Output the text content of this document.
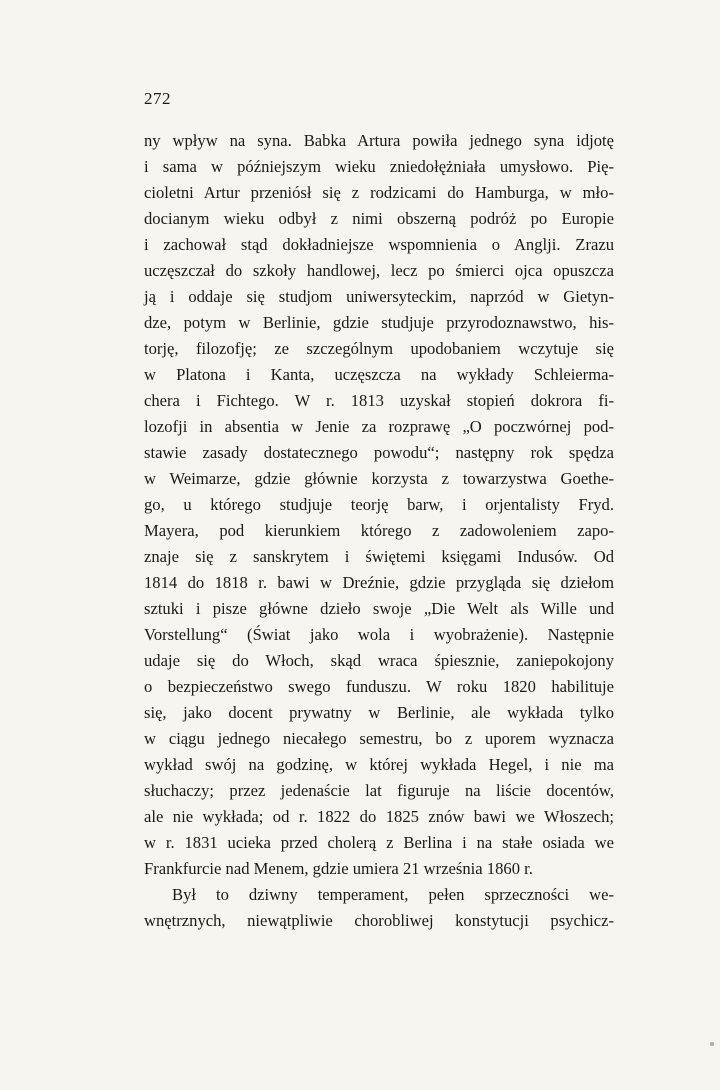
272
ny wpływ na syna. Babka Artura powiła jednego syna idjotę
i sama w późniejszym wieku zniedołężniała umysłowo. Pię-
cioletni Artur przeniósł się z rodzicami do Hamburga, w mło-
docianym wieku odbył z nimi obszerną podróż po Europie
i zachował stąd dokładniejsze wspomnienia o Anglji. Zrazu
uczęszczał do szkoły handlowej, lecz po śmierci ojca opuszcza
ją i oddaje się studjom uniwersyteckim, naprzód w Gietyn-
dze, potym w Berlinie, gdzie studjuje przyrodoznawstwo, his-
torję, filozofję; ze szczególnym upodobaniem wczytuje się
w Platona i Kanta, uczęszcza na wykłady Schleierma-
chera i Fichtego. W r. 1813 uzyskał stopień dokrora fi-
lozofji in absentia w Jenie za rozprawę „O poczwórnej pod-
stawie zasady dostatecznego powodu“; następny rok spędza
w Weimarze, gdzie głównie korzysta z towarzystwa Goethe-
go, u którego studjuje teorję barw, i orjentalisty Fryd.
Mayera, pod kierunkiem którego z zadowoleniem zapo-
znaje się z sanskrytem i świętemi księgami Indusów. Od
1814 do 1818 r. bawi w Dreźnie, gdzie przygląda się dziełom
sztuki i pisze główne dzieło swoje „Die Welt als Wille und
Vorstellung“ (Świat jako wola i wyobrażenie). Następnie
udaje się do Włoch, skąd wraca śpiesznie, zaniepokojony
o bezpieczeństwo swego funduszu. W roku 1820 habilituje
się, jako docent prywatny w Berlinie, ale wykłada tylko
w ciągu jednego niecałego semestru, bo z uporem wyznacza
wykład swój na godzinę, w której wykłada Hegel, i nie ma
słuchaczy; przez jedenaście lat figuruje na liście docentów,
ale nie wykłada; od r. 1822 do 1825 znów bawi we Włoszech;
w r. 1831 ucieka przed cholerą z Berlina i na stałe osiada we
Frankfurcie nad Menem, gdzie umiera 21 września 1860 r.
Był to dziwny temperament, pełen sprzeczności we-
wnętrznych, niewątpliwie chorobliwej konstytucji psychicz-
